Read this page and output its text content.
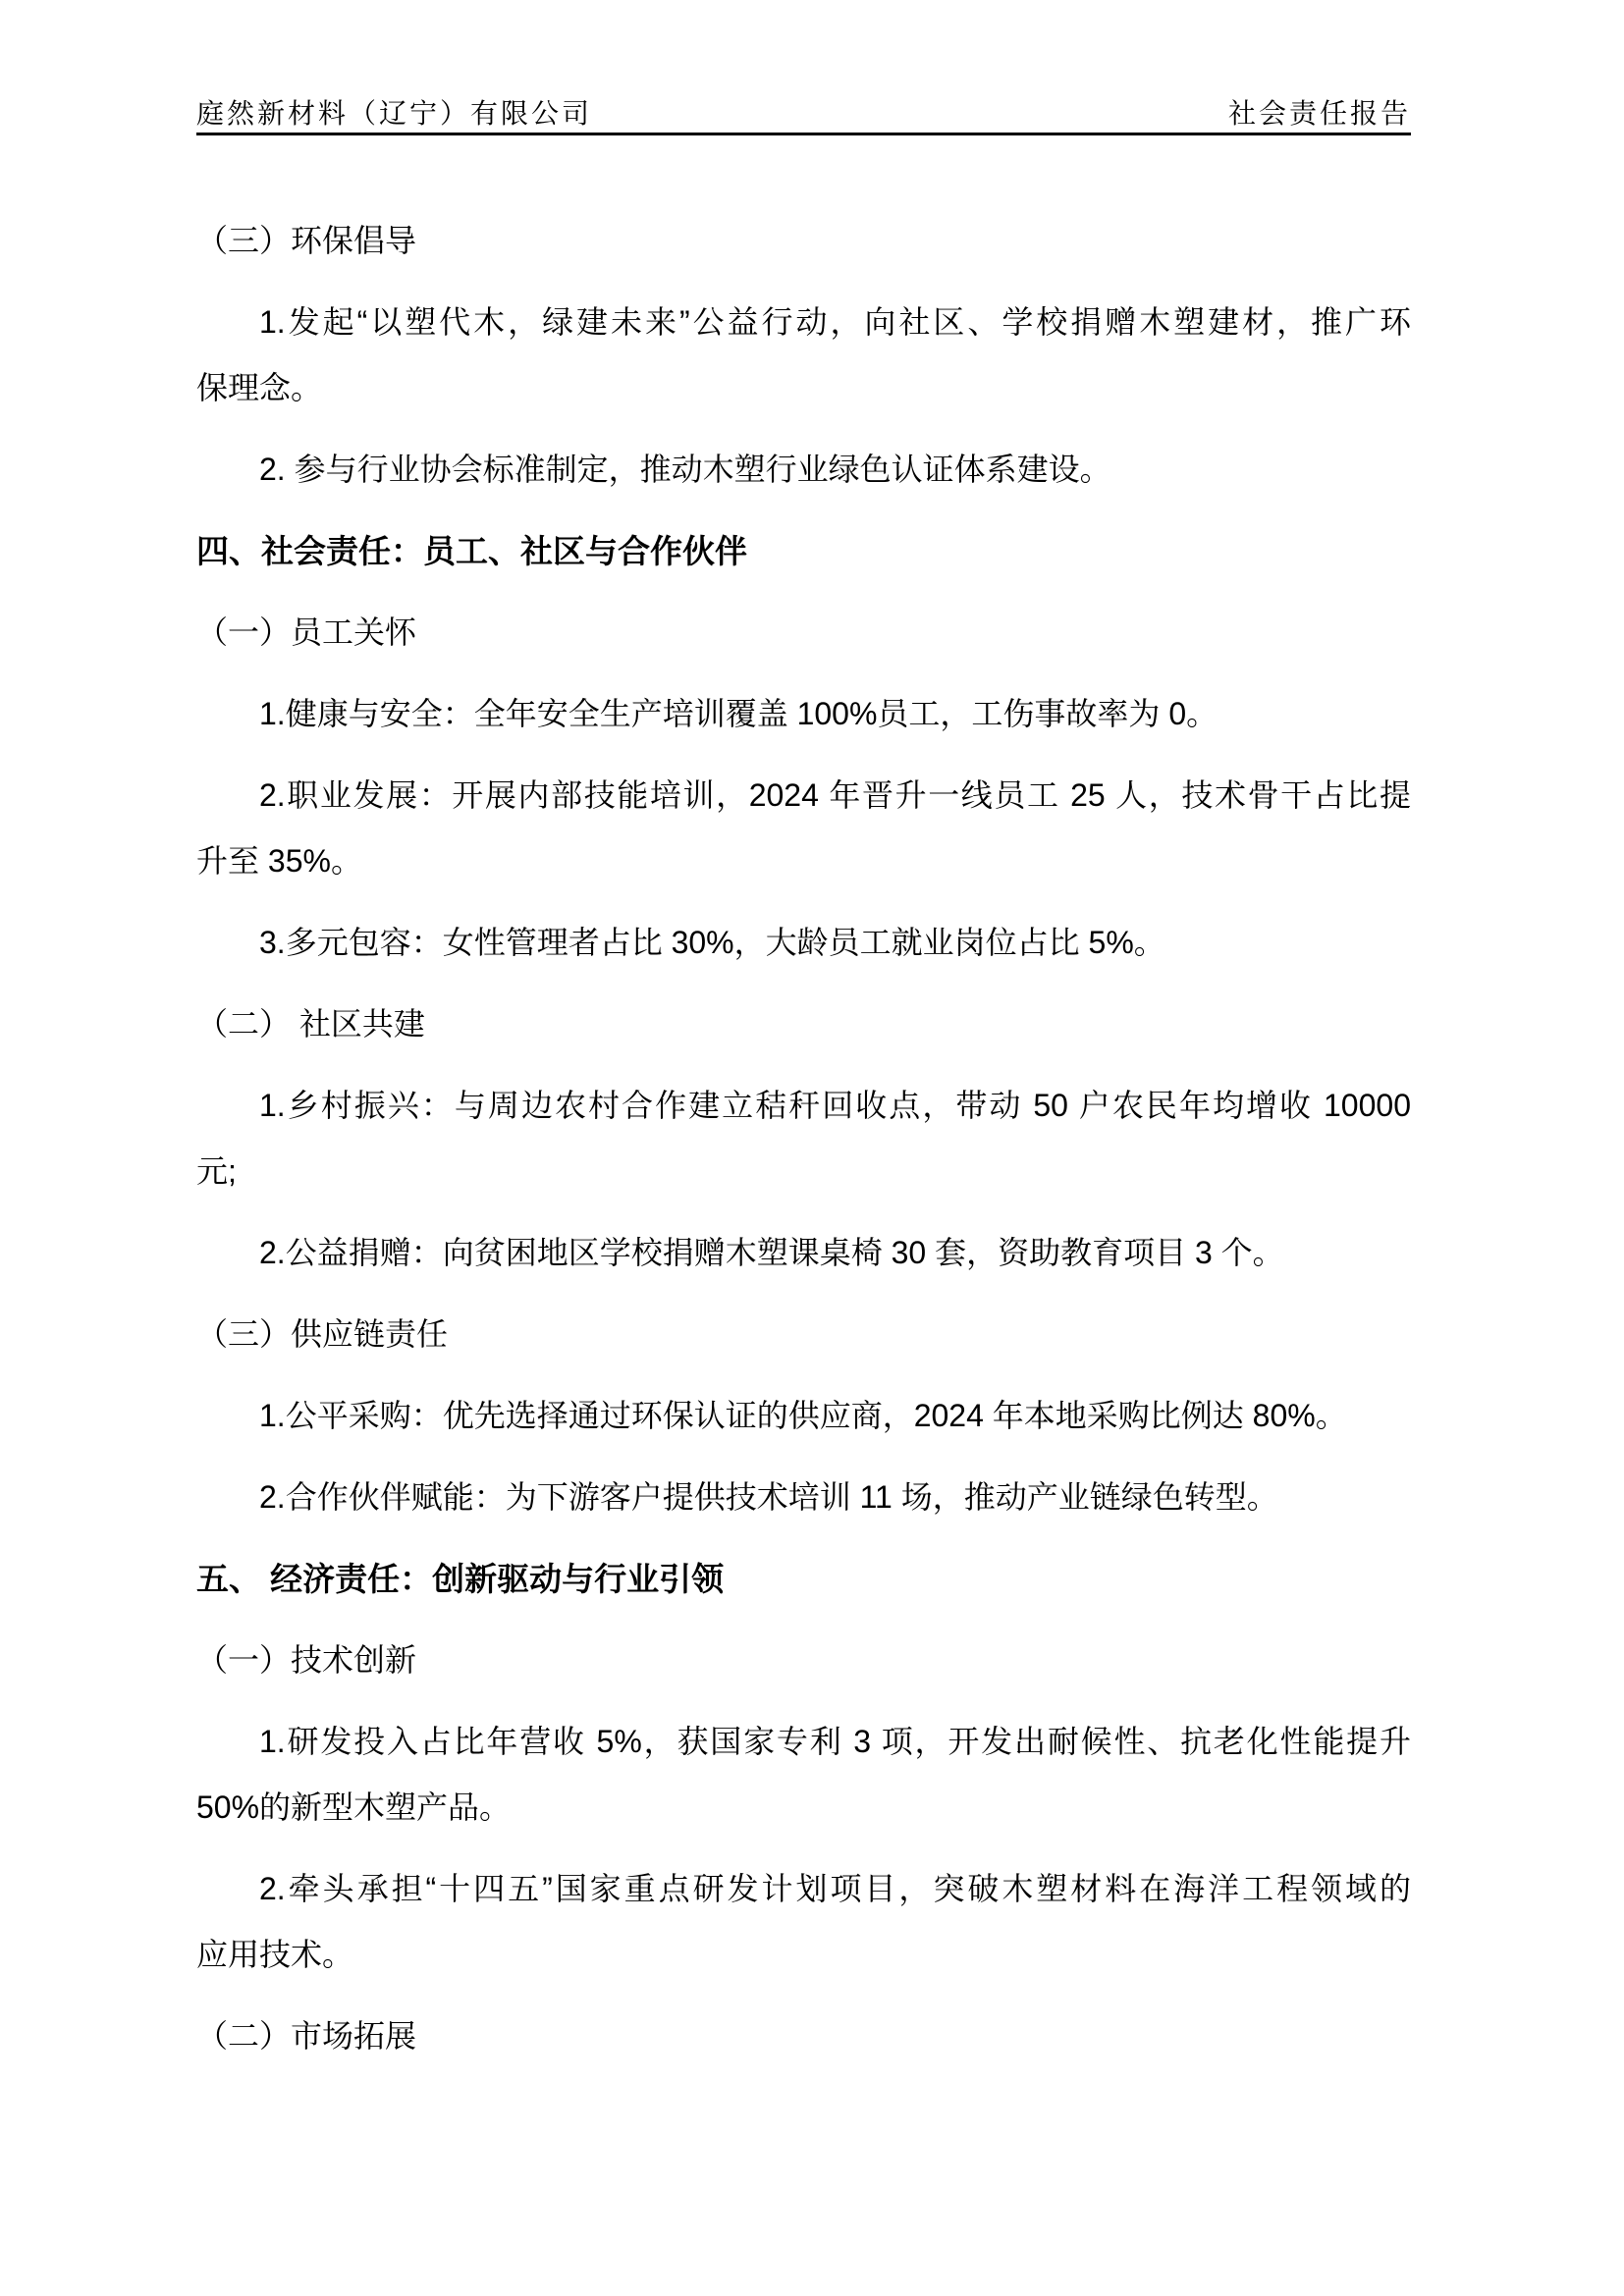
庭然新材料（辽宁）有限公司	社会责任报告
（三）环保倡导
1.发起“以塑代木，绿建未来”公益行动，向社区、学校捐赠木塑建材，推广环
保理念。
2. 参与行业协会标准制定，推动木塑行业绿色认证体系建设。
四、社会责任：员工、社区与合作伙伴
（一）员工关怀
1.健康与安全：全年安全生产培训覆盖 100%员工，工伤事故率为 0。
2.职业发展：开展内部技能培训，2024 年晋升一线员工 25 人，技术骨干占比提
升至 35%。
3.多元包容：女性管理者占比 30%，大龄员工就业岗位占比 5%。
（二） 社区共建
1.乡村振兴：与周边农村合作建立秸秆回收点，带动 50 户农民年均增收 10000
元;
2.公益捐赠：向贫困地区学校捐赠木塑课桌椅 30 套，资助教育项目 3 个。
（三）供应链责任
1.公平采购：优先选择通过环保认证的供应商，2024 年本地采购比例达 80%。
2.合作伙伴赋能：为下游客户提供技术培训 11 场，推动产业链绿色转型。
五、 经济责任：创新驱动与行业引领
（一）技术创新
1.研发投入占比年营收 5%，获国家专利 3 项，开发出耐候性、抗老化性能提升
50%的新型木塑产品。
2.牵头承担“十四五”国家重点研发计划项目，突破木塑材料在海洋工程领域的
应用技术。
（二）市场拓展
